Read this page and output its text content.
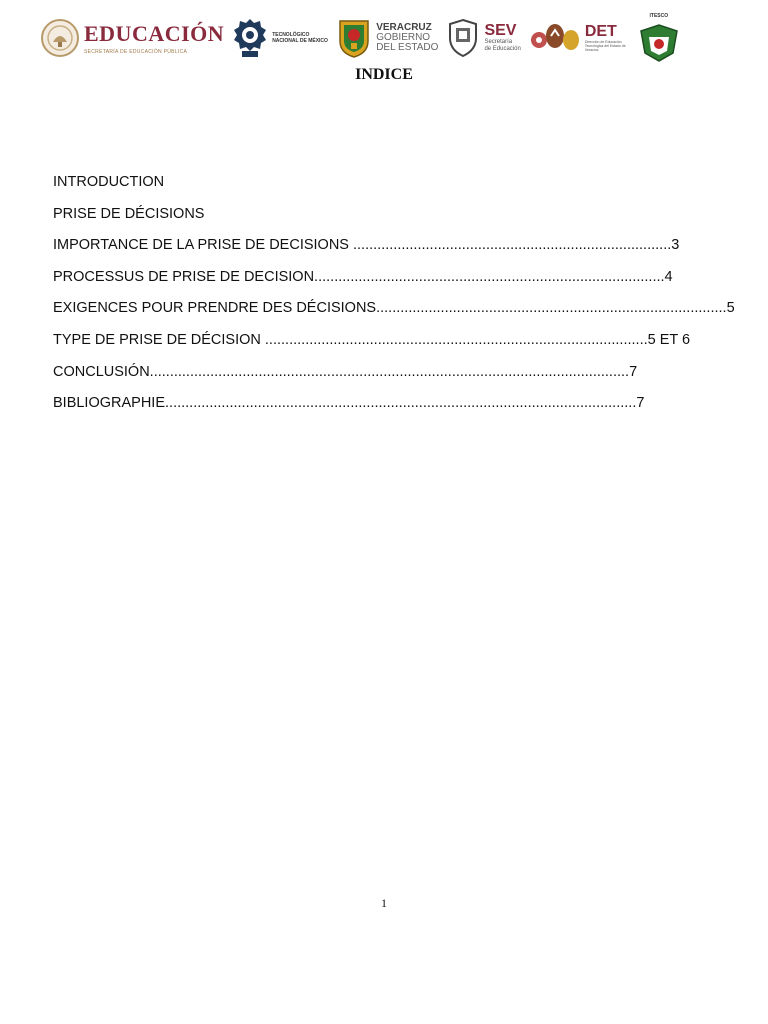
EDUCACIÓN
SECRETARÍA DE EDUCACIÓN PÚBLICA
TECNOLÓGICO NACIONAL DE MÉXICO
VERACRUZ
GOBIERNO
DEL ESTADO
SEV
Secretaría
de Educación
DET
Dirección de Educación Tecnológica del Estado de Veracruz
ITESCO
INDICE
INTRODUCTION
PRISE DE DÉCISIONS
IMPORTANCE DE LA PRISE DE DECISIONS ...............................................................................3
PROCESSUS DE PRISE DE DECISION.......................................................................................4
EXIGENCES POUR PRENDRE DES DÉCISIONS.......................................................................................5
TYPE DE PRISE DE DÉCISION ...............................................................................................5 ET 6
CONCLUSIÓN.......................................................................................................................7
BIBLIOGRAPHIE.....................................................................................................................7
1
